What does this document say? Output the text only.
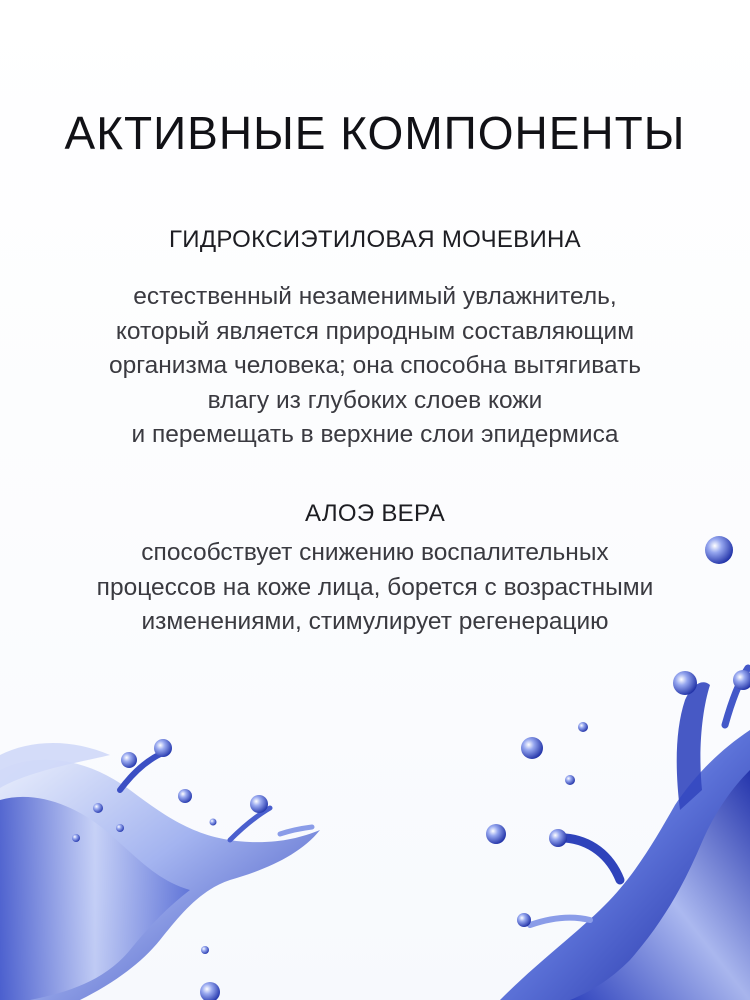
АКТИВНЫЕ КОМПОНЕНТЫ
ГИДРОКСИЭТИЛОВАЯ МОЧЕВИНА
естественный незаменимый увлажнитель,
который является природным составляющим
организма человека; она способна вытягивать
влагу из глубоких слоев кожи
и перемещать в верхние слои эпидермиса
АЛОЭ ВЕРА
способствует снижению воспалительных
процессов на коже лица, борется с возрастными
изменениями, стимулирует регенерацию
